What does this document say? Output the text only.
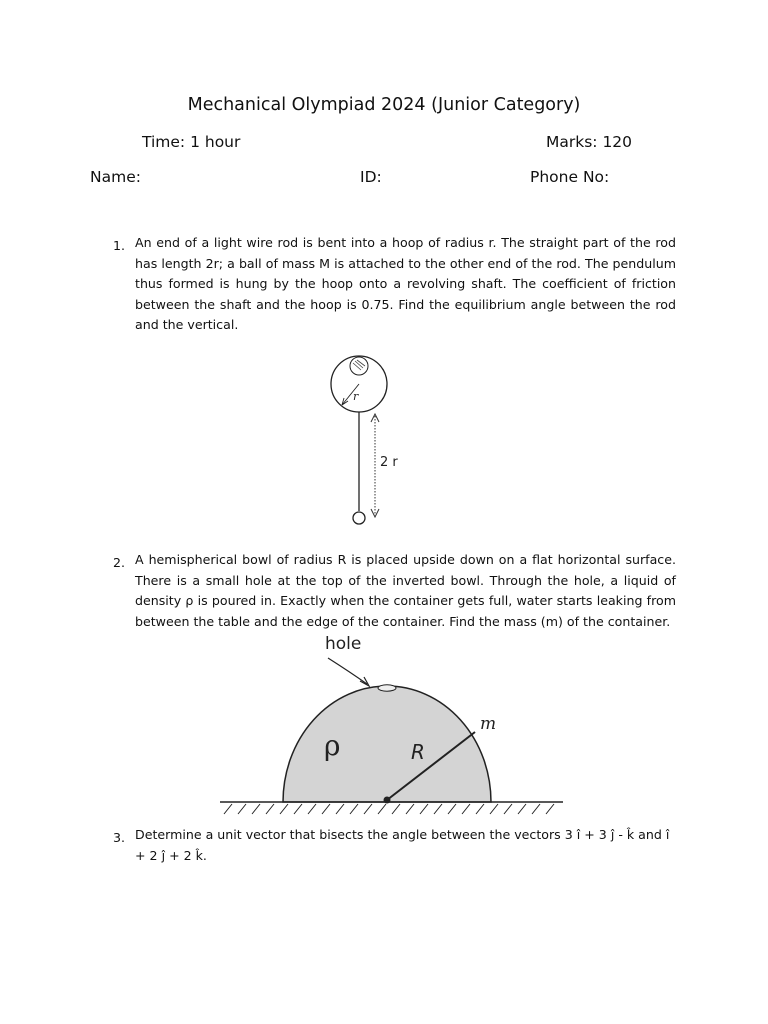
Mechanical Olympiad 2024 (Junior Category)
Time: 1 hour	Marks: 120
Name:	ID:	Phone No:
1. An end of a light wire rod is bent into a hoop of radius r. The straight part of the rod has length 2r; a ball of mass M is attached to the other end of the rod. The pendulum thus formed is hung by the hoop onto a revolving shaft. The coefficient of friction between the shaft and the hoop is 0.75. Find the equilibrium angle between the rod and the vertical.

r
2 r
2. A hemispherical bowl of radius R is placed upside down on a flat horizontal surface. There is a small hole at the top of the inverted bowl. Through the hole, a liquid of density ρ is poured in. Exactly when the container gets full, water starts leaking from between the table and the edge of the container. Find the mass (m) of the container.

hole
ρ	R
m
3. Determine a unit vector that bisects the angle between the vectors 3 î + 3 ĵ - k̂ and î + 2 ĵ + 2 k̂.
